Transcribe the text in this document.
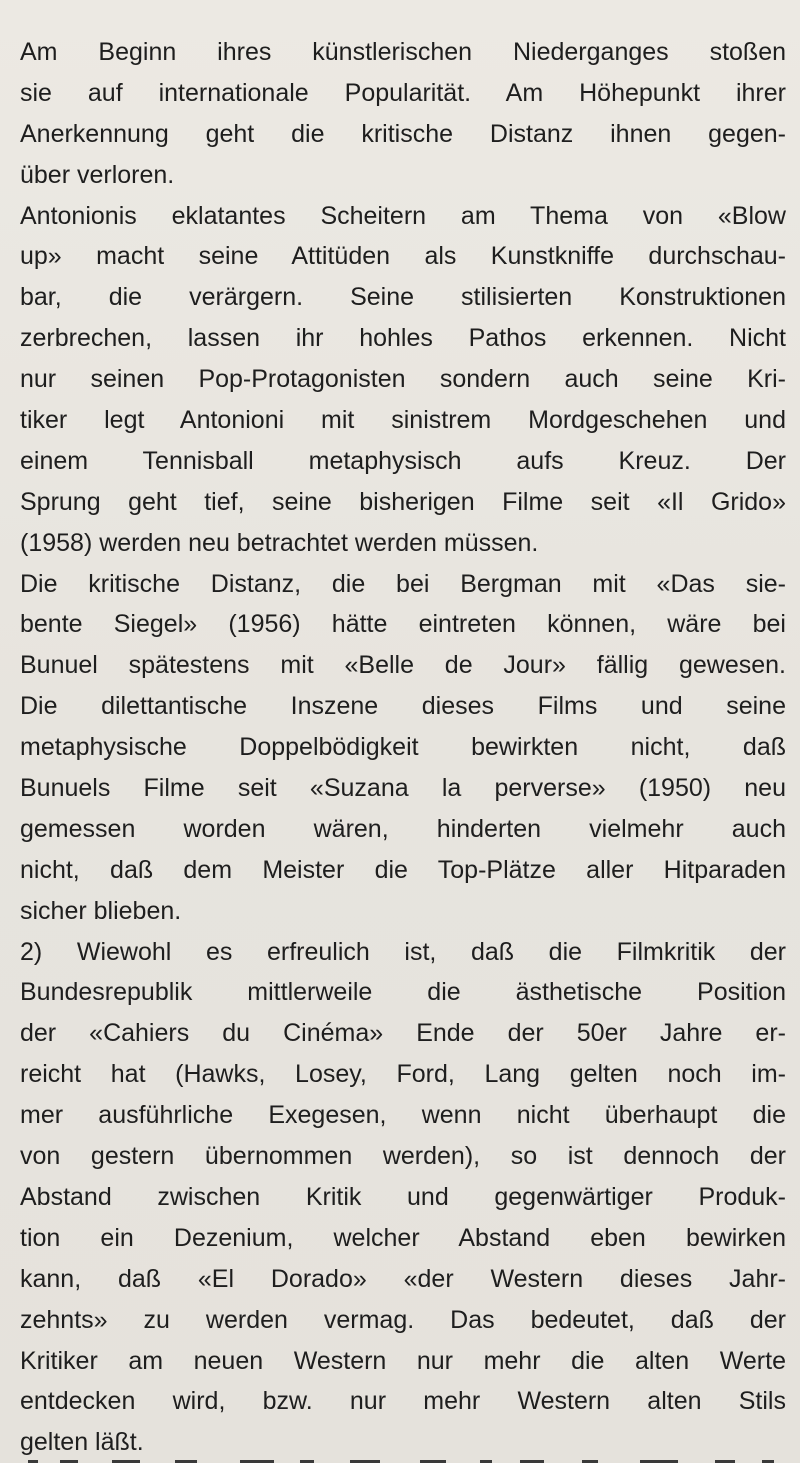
Am Beginn ihres künstlerischen Niederganges stoßen
sie auf internationale Popularität. Am Höhepunkt ihrer
Anerkennung geht die kritische Distanz ihnen gegen-
über verloren.
Antonionis eklatantes Scheitern am Thema von «Blow
up» macht seine Attitüden als Kunstkniffe durchschau-
bar, die verärgern. Seine stilisierten Konstruktionen
zerbrechen, lassen ihr hohles Pathos erkennen. Nicht
nur seinen Pop-Protagonisten sondern auch seine Kri-
tiker legt Antonioni mit sinistrem Mordgeschehen und
einem Tennisball metaphysisch aufs Kreuz. Der
Sprung geht tief, seine bisherigen Filme seit «Il Grido»
(1958) werden neu betrachtet werden müssen.
Die kritische Distanz, die bei Bergman mit «Das sie-
bente Siegel» (1956) hätte eintreten können, wäre bei
Bunuel spätestens mit «Belle de Jour» fällig gewesen.
Die dilettantische Inszene dieses Films und seine
metaphysische Doppelbödigkeit bewirkten nicht, daß
Bunuels Filme seit «Suzana la perverse» (1950) neu
gemessen worden wären, hinderten vielmehr auch
nicht, daß dem Meister die Top-Plätze aller Hitparaden
sicher blieben.
2) Wiewohl es erfreulich ist, daß die Filmkritik der
Bundesrepublik mittlerweile die ästhetische Position
der «Cahiers du Cinéma» Ende der 50er Jahre er-
reicht hat (Hawks, Losey, Ford, Lang gelten noch im-
mer ausführliche Exegesen, wenn nicht überhaupt die
von gestern übernommen werden), so ist dennoch der
Abstand zwischen Kritik und gegenwärtiger Produk-
tion ein Dezenium, welcher Abstand eben bewirken
kann, daß «El Dorado» «der Western dieses Jahr-
zehnts» zu werden vermag. Das bedeutet, daß der
Kritiker am neuen Western nur mehr die alten Werte
entdecken wird, bzw. nur mehr Western alten Stils
gelten läßt.
